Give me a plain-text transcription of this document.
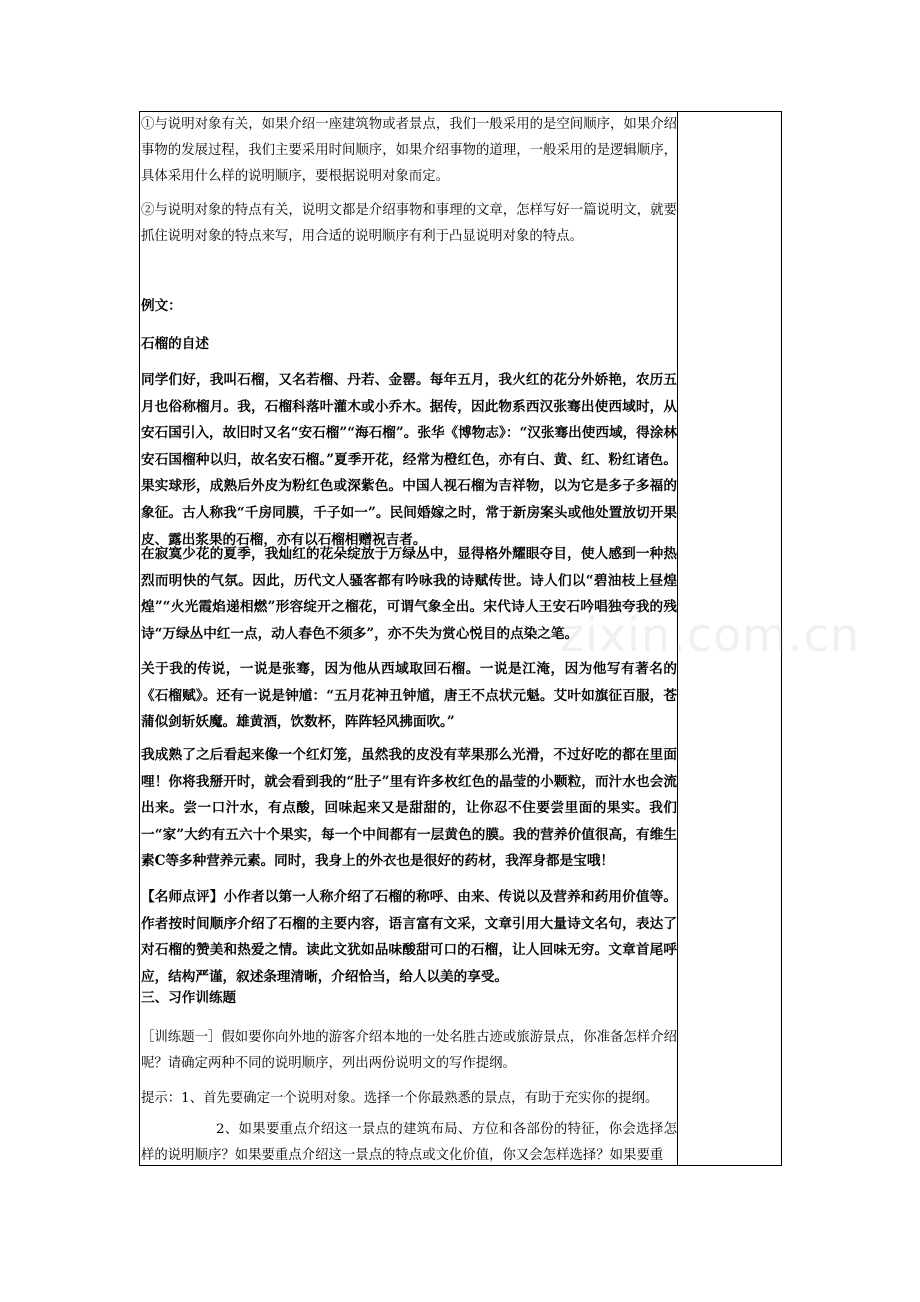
①与说明对象有关，如果介绍一座建筑物或者景点，我们一般采用的是空间顺序，如果介绍事物的发展过程，我们主要采用时间顺序，如果介绍事物的道理，一般采用的是逻辑顺序，具体采用什么样的说明顺序，要根据说明对象而定。

②与说明对象的特点有关，说明文都是介绍事物和事理的文章，怎样写好一篇说明文，就要抓住说明对象的特点来写，用合适的说明顺序有利于凸显说明对象的特点。

例文：

石榴的自述

同学们好，我叫石榴，又名若榴、丹若、金罂。每年五月，我火红的花分外娇艳，农历五月也俗称榴月。我，石榴科落叶灌木或小乔木。据传，因此物系西汉张骞出使西域时，从安石国引入，故旧时又名“安石榴”“海石榴”。张华《博物志》：“汉张骞出使西域，得涂林安石国榴种以归，故名安石榴。”夏季开花，经常为橙红色，亦有白、黄、红、粉红诸色。果实球形，成熟后外皮为粉红色或深紫色。中国人视石榴为吉祥物，以为它是多子多福的象征。古人称我“千房同膜，千子如一”。民间婚嫁之时，常于新房案头或他处置放切开果皮、露出浆果的石榴，亦有以石榴相赠祝吉者。

在寂寞少花的夏季，我灿红的花朵绽放于万绿丛中，显得格外耀眼夺目，使人感到一种热烈而明快的气氛。因此，历代文人骚客都有吟咏我的诗赋传世。诗人们以“碧油枝上昼煌煌”“火光霞焰递相燃”形容绽开之榴花，可谓气象全出。宋代诗人王安石吟唱独夸我的残诗“万绿丛中红一点，动人春色不须多”，亦不失为赏心悦目的点染之笔。

关于我的传说，一说是张骞，因为他从西域取回石榴。一说是江淹，因为他写有著名的《石榴赋》。还有一说是钟馗：“五月花神丑钟馗，唐王不点状元魁。艾叶如旗征百服，苍蒲似剑斩妖魔。雄黄酒，饮数杯，阵阵轻风拂面吹。”

我成熟了之后看起来像一个红灯笼，虽然我的皮没有苹果那么光滑，不过好吃的都在里面哩！你将我掰开时，就会看到我的“肚子”里有许多枚红色的晶莹的小颗粒，而汁水也会流出来。尝一口汁水，有点酸，回味起来又是甜甜的，让你忍不住要尝里面的果实。我们一“家”大约有五六十个果实，每一个中间都有一层黄色的膜。我的营养价值很高，有维生素C等多种营养元素。同时，我身上的外衣也是很好的药材，我浑身都是宝哦！

【名师点评】小作者以第一人称介绍了石榴的称呼、由来、传说以及营养和药用价值等。作者按时间顺序介绍了石榴的主要内容，语言富有文采，文章引用大量诗文名句，表达了对石榴的赞美和热爱之情。读此文犹如品味酸甜可口的石榴，让人回味无穷。文章首尾呼应，结构严谨，叙述条理清晰，介绍恰当，给人以美的享受。

三、习作训练题

［训练题一］假如要你向外地的游客介绍本地的一处名胜古迹或旅游景点，你准备怎样介绍呢？请确定两种不同的说明顺序，列出两份说明文的写作提纲。

提示：1、首先要确定一个说明对象。选择一个你最熟悉的景点，有助于充实你的提纲。

2、如果要重点介绍这一景点的建筑布局、方位和各部份的特征，你会选择怎样的说明顺序？如果要重点介绍这一景点的特点或文化价值，你又会怎样选择？如果要重

zixin.com.cn
